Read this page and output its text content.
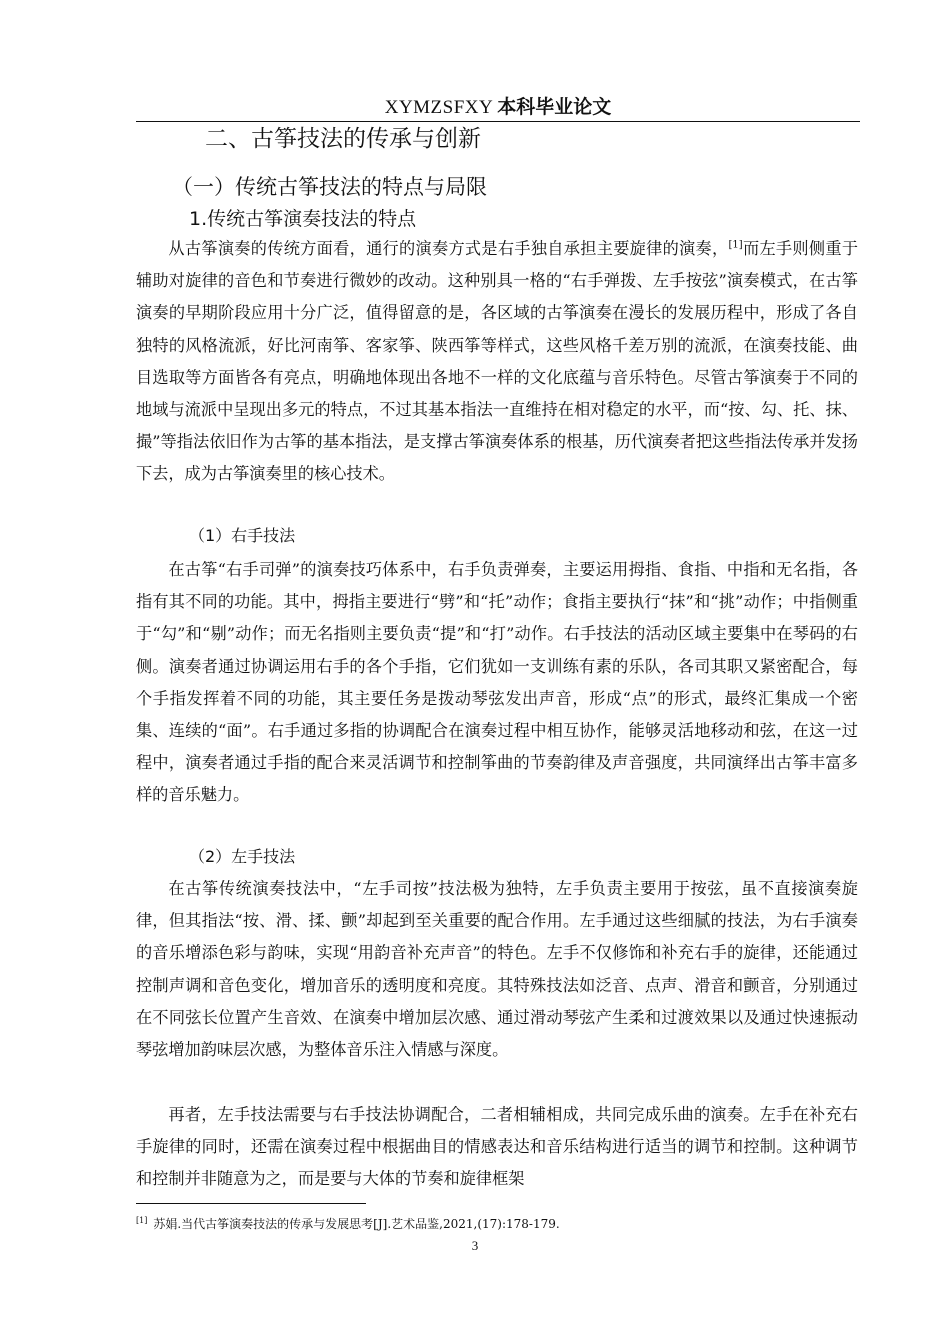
XYMZSFXY 本科毕业论文
二、古筝技法的传承与创新
（一）传统古筝技法的特点与局限
1.传统古筝演奏技法的特点

从古筝演奏的传统方面看，通行的演奏方式是右手独自承担主要旋律的演奏，[1]而左手则侧重于辅助对旋律的音色和节奏进行微妙的改动。这种别具一格的“右手弹拨、左手按弦”演奏模式，在古筝演奏的早期阶段应用十分广泛，值得留意的是，各区域的古筝演奏在漫长的发展历程中，形成了各自独特的风格流派，好比河南筝、客家筝、陕西筝等样式，这些风格千差万别的流派，在演奏技能、曲目选取等方面皆各有亮点，明确地体现出各地不一样的文化底蕴与音乐特色。尽管古筝演奏于不同的地域与流派中呈现出多元的特点，不过其基本指法一直维持在相对稳定的水平，而“按、勾、托、抹、撮”等指法依旧作为古筝的基本指法，是支撑古筝演奏体系的根基，历代演奏者把这些指法传承并发扬下去，成为古筝演奏里的核心技术。

（1）右手技法

在古筝“右手司弹”的演奏技巧体系中，右手负责弹奏，主要运用拇指、食指、中指和无名指，各指有其不同的功能。其中，拇指主要进行“劈”和“托”动作；食指主要执行“抹”和“挑”动作；中指侧重于“勾”和“剔”动作；而无名指则主要负责“提”和“打”动作。右手技法的活动区域主要集中在琴码的右侧。演奏者通过协调运用右手的各个手指，它们犹如一支训练有素的乐队，各司其职又紧密配合，每个手指发挥着不同的功能，其主要任务是拨动琴弦发出声音，形成“点”的形式，最终汇集成一个密集、连续的“面”。右手通过多指的协调配合在演奏过程中相互协作，能够灵活地移动和弦，在这一过程中，演奏者通过手指的配合来灵活调节和控制筝曲的节奏韵律及声音强度，共同演绎出古筝丰富多样的音乐魅力。

（2）左手技法

在古筝传统演奏技法中，“左手司按”技法极为独特，左手负责主要用于按弦，虽不直接演奏旋律，但其指法“按、滑、揉、颤”却起到至关重要的配合作用。左手通过这些细腻的技法，为右手演奏的音乐增添色彩与韵味，实现“用韵音补充声音”的特色。左手不仅修饰和补充右手的旋律，还能通过控制声调和音色变化，增加音乐的透明度和亮度。其特殊技法如泛音、点声、滑音和颤音，分别通过在不同弦长位置产生音效、在演奏中增加层次感、通过滑动琴弦产生柔和过渡效果以及通过快速振动琴弦增加韵味层次感，为整体音乐注入情感与深度。

再者，左手技法需要与右手技法协调配合，二者相辅相成，共同完成乐曲的演奏。左手在补充右手旋律的同时，还需在演奏过程中根据曲目的情感表达和音乐结构进行适当的调节和控制。这种调节和控制并非随意为之，而是要与大体的节奏和旋律框架

[1] 苏娟.当代古筝演奏技法的传承与发展思考[J].艺术品鉴,2021,(17):178-179.
3
